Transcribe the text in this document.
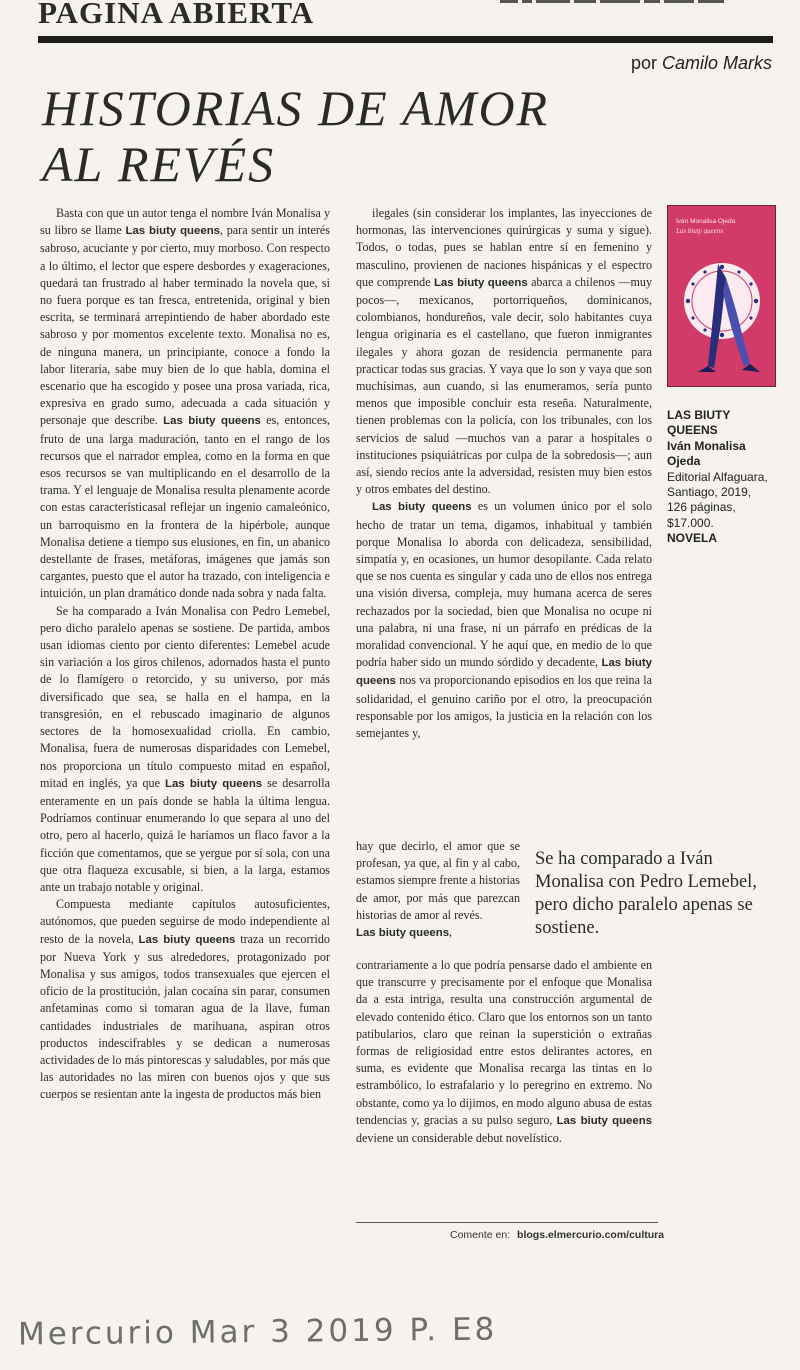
PAGINA ABIERTA
por Camilo Marks
HISTORIAS DE AMOR
AL REVÉS

Basta con que un autor tenga el nombre Iván Monalisa y su libro se llame Las biuty queens, para sentir un interés sabroso, acuciante y por cierto, muy morboso. Con respecto a lo último, el lector que espere desbordes y exageraciones, quedará tan frustrado al haber terminado la novela que, si no fuera porque es tan fresca, entretenida, original y bien escrita, se terminará arrepintiendo de haber abordado este sabroso y por momentos excelente texto. Monalisa no es, de ninguna manera, un principiante, conoce a fondo la labor literaria, sabe muy bien de lo que habla, domina el escenario que ha escogido y posee una prosa variada, rica, expresiva en grado sumo, adecuada a cada situación y personaje que describe. Las biuty queens es, entonces, fruto de una larga maduración, tanto en el rango de los recursos que el narrador emplea, como en la forma en que esos recursos se van multiplicando en el desarrollo de la trama. Y el lenguaje de Monalisa resulta plenamente acorde con estas característicasal reflejar un ingenio camaleónico, un barroquismo en la frontera de la hipérbole, aunque Monalisa detiene a tiempo sus elusiones, en fin, un abanico destellante de frases, metáforas, imágenes que jamás son cargantes, puesto que el autor ha trazado, con inteligencia e intuición, un plan dramático donde nada sobra y nada falta.

Se ha comparado a Iván Monalisa con Pedro Lemebel, pero dicho paralelo apenas se sostiene. De partida, ambos usan idiomas ciento por ciento diferentes: Lemebel acude sin variación a los giros chilenos, adornados hasta el punto de lo flamígero o retorcido, y su universo, por más diversificado que sea, se halla en el hampa, en la transgresión, en el rebuscado imaginario de algunos sectores de la homosexualidad criolla. En cambio, Monalisa, fuera de numerosas disparidades con Lemebel, nos proporciona un título compuesto mitad en español, mitad en inglés, ya que Las biuty queens se desarrolla enteramente en un país donde se habla la última lengua. Podríamos continuar enumerando lo que separa al uno del otro, pero al hacerlo, quizá le haríamos un flaco favor a la ficción que comentamos, que se yergue por sí sola, con una que otra flaqueza excusable, si bien, a la larga, estamos ante un trabajo notable y original.

Compuesta mediante capítulos autosuficientes, autónomos, que pueden seguirse de modo independiente al resto de la novela, Las biuty queens traza un recorrido por Nueva York y sus alrededores, protagonizado por Monalisa y sus amigos, todos transexuales que ejercen el oficio de la prostitución, jalan cocaína sin parar, consumen anfetaminas como si tomaran agua de la llave, fuman cantidades industriales de marihuana, aspiran otros productos indescifrables y se dedican a numerosas actividades de lo más pintorescas y saludables, por más que las autoridades no las miren con buenos ojos y que sus cuerpos se resientan ante la ingesta de productos más bien

ilegales (sin considerar los implantes, las inyecciones de hormonas, las intervenciones quirúrgicas y suma y sigue). Todos, o todas, pues se hablan entre sí en femenino y masculino, provienen de naciones hispánicas y el espectro que comprende Las biuty queens abarca a chilenos —muy pocos—, mexicanos, portorriqueños, dominicanos, colombianos, hondureños, vale decir, solo habitantes cuya lengua originaria es el castellano, que fueron inmigrantes ilegales y ahora gozan de residencia permanente para practicar todas sus gracias. Y vaya que lo son y vaya que son muchísimas, aun cuando, si las enumeramos, sería punto menos que imposible concluir esta reseña. Naturalmente, tienen problemas con la policía, con los tribunales, con los servicios de salud —muchos van a parar a hospitales o instituciones psiquiátricas por culpa de la sobredosis—; aun así, siendo recios ante la adversidad, resisten muy bien estos y otros embates del destino.

Las biuty queens es un volumen único por el solo hecho de tratar un tema, digamos, inhabitual y también porque Monalisa lo aborda con delicadeza, sensibilidad, simpatía y, en ocasiones, un humor desopilante. Cada relato que se nos cuenta es singular y cada uno de ellos nos entrega una visión diversa, compleja, muy humana acerca de seres rechazados por la sociedad, bien que Monalisa no ocupe ni una palabra, ni una frase, ni un párrafo en prédicas de la moralidad convencional. Y he aquí que, en medio de lo que podría haber sido un mundo sórdido y decadente, Las biuty queens nos va proporcionando episodios en los que reina la solidaridad, el genuino cariño por el otro, la preocupación responsable por los amigos, la justicia en la relación con los semejantes y,

hay que decirlo, el amor que se profesan, ya que, al fin y al cabo, estamos siempre frente a historias de amor, por más que parezcan historias de amor al revés.

Las biuty queens,

contrariamente a lo que podría pensarse dado el ambiente en que transcurre y precisamente por el enfoque que Monalisa da a esta intriga, resulta una construcción argumental de elevado contenido ético. Claro que los entornos son un tanto patibularios, claro que reinan la superstición o extrañas formas de religiosidad entre estos delirantes actores, en suma, es evidente que Monalisa recarga las tintas en lo estrambólico, lo estrafalario y lo peregrino en extremo. No obstante, como ya lo dijimos, en modo alguno abusa de estas tendencias y, gracias a su pulso seguro, Las biuty queens deviene un considerable debut novelístico.

Se ha comparado a Iván Monalisa con Pedro Lemebel, pero dicho paralelo apenas se sostiene.

Iván Monalisa Ojeda
Las biuty queens
LAS BIUTY QUEENS
Iván Monalisa Ojeda
Editorial Alfaguara,
Santiago, 2019,
126 páginas,
$17.000.
NOVELA
Comente en: blogs.elmercurio.com/cultura

Mercurio Mar 3 2019 P. E8
